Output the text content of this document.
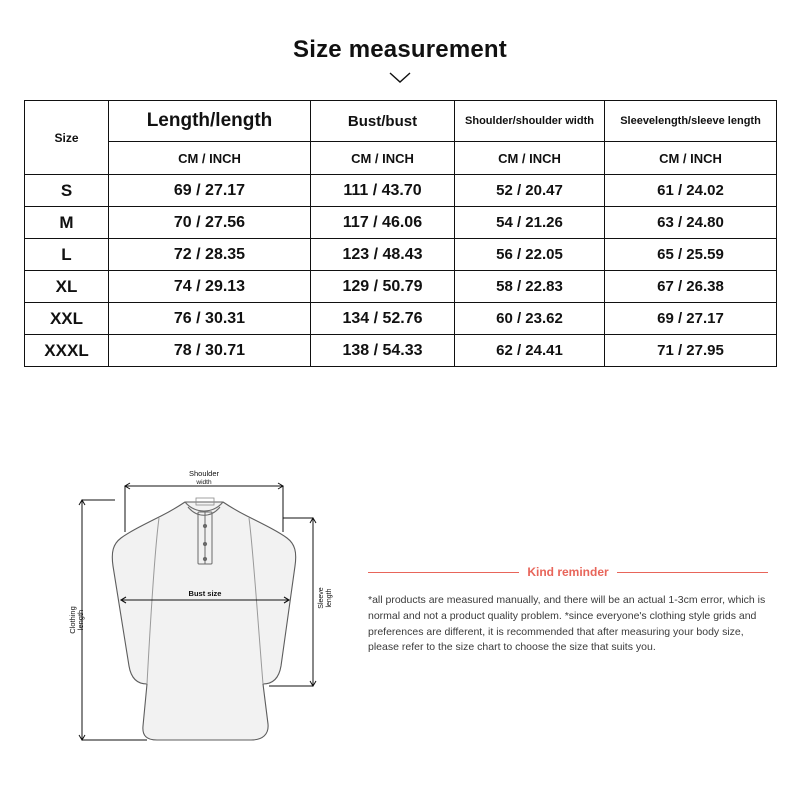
Size measurement
Size	Length/length	Bust/bust	Shoulder/shoulder width	Sleevelength/sleeve length
	CM / INCH	CM / INCH	CM / INCH	CM / INCH
S	69 / 27.17	111 / 43.70	52 / 20.47	61 / 24.02
M	70 / 27.56	117 / 46.06	54 / 21.26	63 / 24.80
L	72 / 28.35	123 / 48.43	56 / 22.05	65 / 25.59
XL	74 / 29.13	129 / 50.79	58 / 22.83	67 / 26.38
XXL	76 / 30.31	134 / 52.76	60 / 23.62	69 / 27.17
XXXL	78 / 30.71	138 / 54.33	62 / 24.41	71 / 27.95
Shoulder
width
Bust size
Clothing length
Sleeve length
Kind reminder
*all products are measured manually, and there will be an actual 1-3cm error, which is normal and not a product quality problem. *since everyone's clothing style grids and preferences are different, it is recommended that after measuring your body size, please refer to the size chart to choose the size that suits you.
